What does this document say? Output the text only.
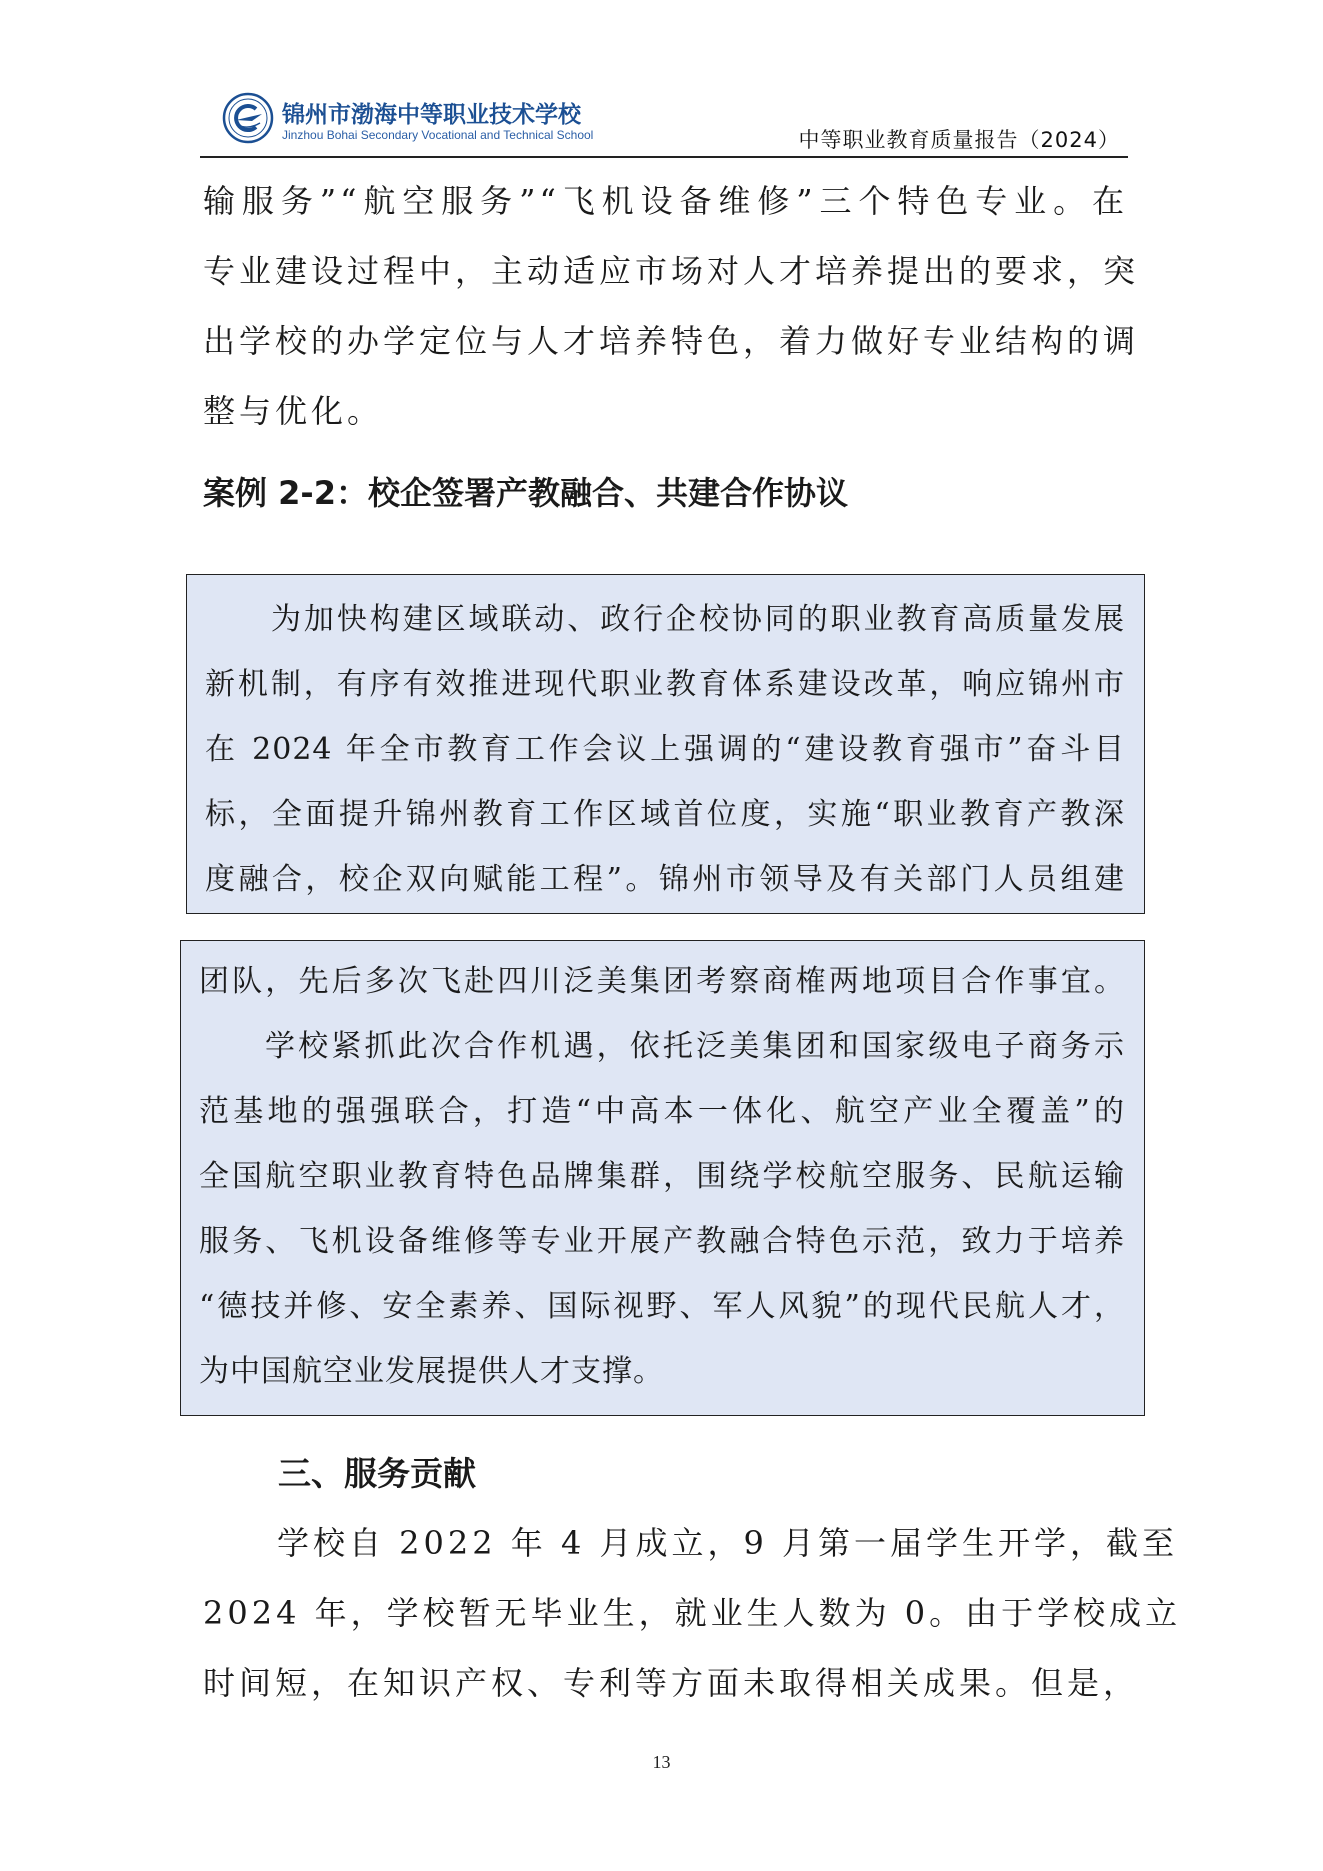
锦州市渤海中等职业技术学校
Jinzhou Bohai Secondary Vocational and Technical School	中等职业教育质量报告（2024）

输服务”“航空服务”“飞机设备维修”三个特色专业。在

专业建设过程中，主动适应市场对人才培养提出的要求，突

出学校的办学定位与人才培养特色，着力做好专业结构的调

整与优化。

案例 2-2：校企签署产教融合、共建合作协议

为加快构建区域联动、政行企校协同的职业教育高质量发展

新机制，有序有效推进现代职业教育体系建设改革，响应锦州市

在 2024 年全市教育工作会议上强调的“建设教育强市”奋斗目

标，全面提升锦州教育工作区域首位度，实施“职业教育产教深

度融合，校企双向赋能工程”。锦州市领导及有关部门人员组建

团队，先后多次飞赴四川泛美集团考察商榷两地项目合作事宜。

学校紧抓此次合作机遇，依托泛美集团和国家级电子商务示

范基地的强强联合，打造“中高本一体化、航空产业全覆盖”的

全国航空职业教育特色品牌集群，围绕学校航空服务、民航运输

服务、飞机设备维修等专业开展产教融合特色示范，致力于培养

“德技并修、安全素养、国际视野、军人风貌”的现代民航人才，

为中国航空业发展提供人才支撑。

三、服务贡献

学校自 2022 年 4 月成立，9 月第一届学生开学，截至

2024 年，学校暂无毕业生，就业生人数为 0。由于学校成立

时间短，在知识产权、专利等方面未取得相关成果。但是，

13
